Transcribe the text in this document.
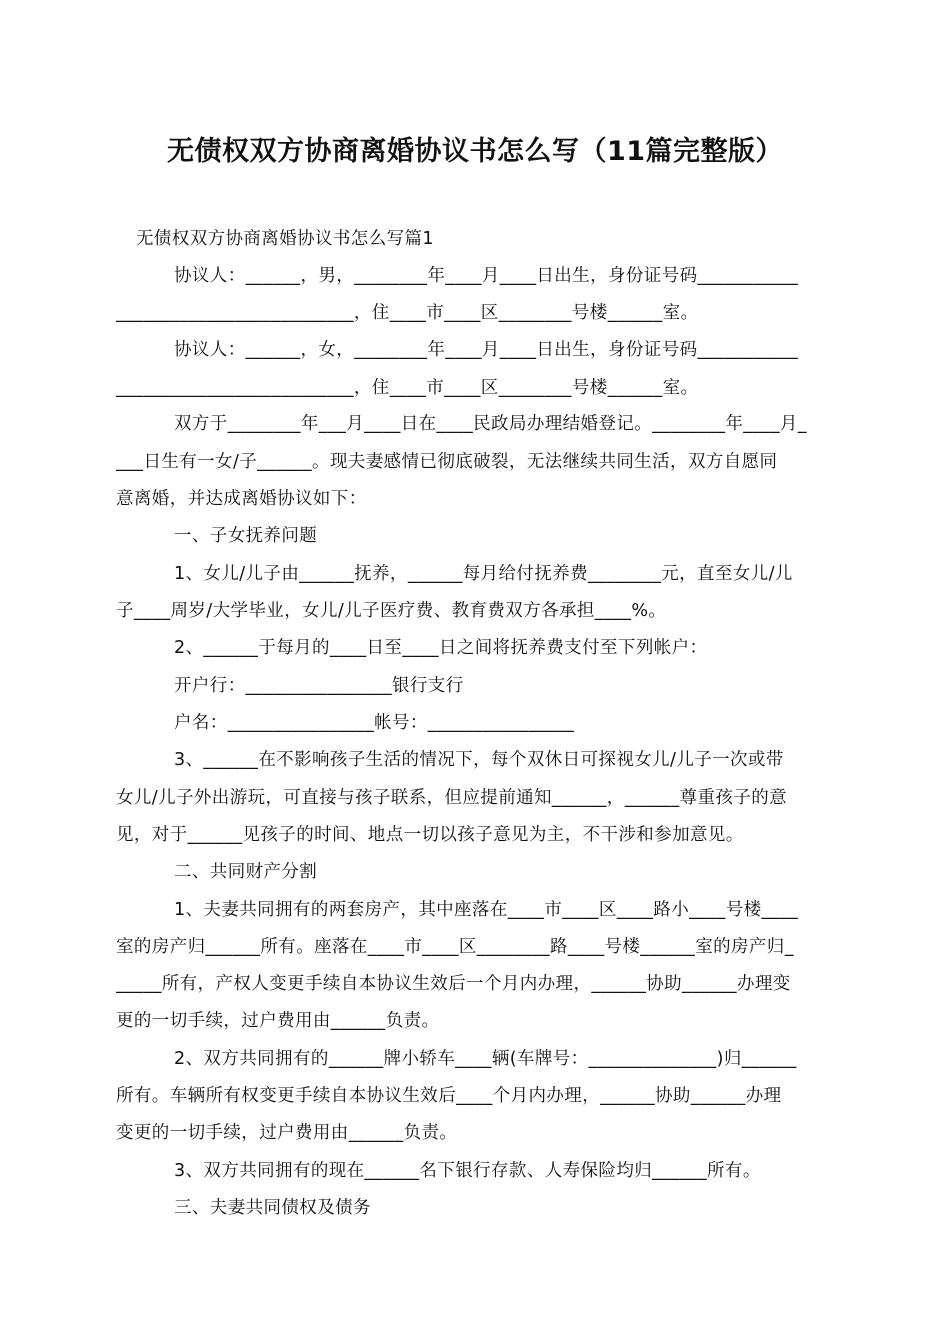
无债权双方协商离婚协议书怎么写（11篇完整版）
无债权双方协商离婚协议书怎么写篇1
协议人：______，男，________年____月____日出生，身份证号码___________
__________________________，住____市____区________号楼______室。
协议人：______，女，________年____月____日出生，身份证号码___________
__________________________，住____市____区________号楼______室。
双方于________年___月____日在____民政局办理结婚登记。________年____月_
___日生有一女/子______。现夫妻感情已彻底破裂，无法继续共同生活，双方自愿同
意离婚，并达成离婚协议如下：
一、子女抚养问题
1、女儿/儿子由______抚养，______每月给付抚养费________元，直至女儿/儿
子____周岁/大学毕业，女儿/儿子医疗费、教育费双方各承担____%。
2、______于每月的____日至____日之间将抚养费支付至下列帐户：
开户行：________________银行支行
户名：________________帐号：________________
3、______在不影响孩子生活的情况下，每个双休日可探视女儿/儿子一次或带
女儿/儿子外出游玩，可直接与孩子联系，但应提前通知______，______尊重孩子的意
见，对于______见孩子的时间、地点一切以孩子意见为主，不干涉和参加意见。
二、共同财产分割
1、夫妻共同拥有的两套房产，其中座落在____市____区____路小____号楼____
室的房产归______所有。座落在____市____区________路____号楼______室的房产归_
_____所有，产权人变更手续自本协议生效后一个月内办理，______协助______办理变
更的一切手续，过户费用由______负责。
2、双方共同拥有的______牌小轿车____辆(车牌号：______________)归______
所有。车辆所有权变更手续自本协议生效后____个月内办理，______协助______办理
变更的一切手续，过户费用由______负责。
3、双方共同拥有的现在______名下银行存款、人寿保险均归______所有。
三、夫妻共同债权及债务
